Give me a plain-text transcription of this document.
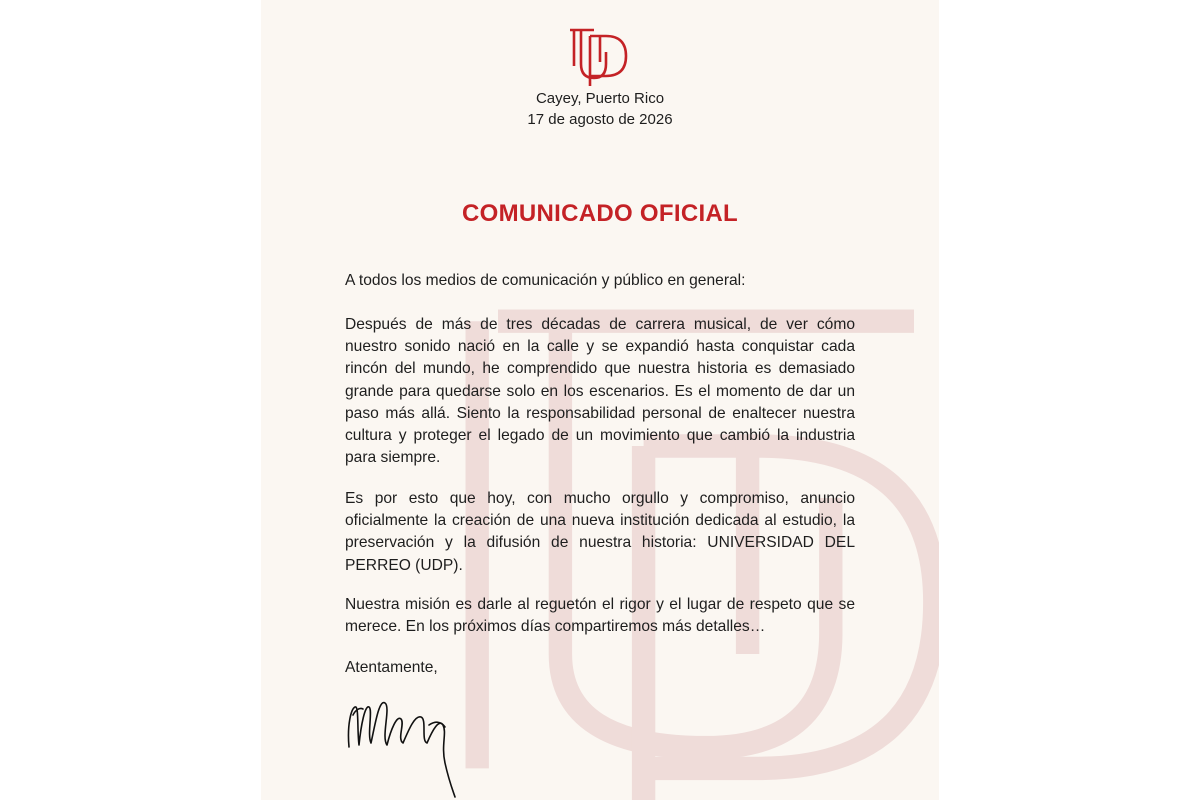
Cayey, Puerto Rico
17 de agosto de 2026
COMUNICADO OFICIAL

A todos los medios de comunicación y público en general:

Después de más de tres décadas de carrera musical, de ver cómo nuestro sonido nació en la calle y se expandió hasta conquistar cada rincón del mundo, he comprendido que nuestra historia es demasiado grande para quedarse solo en los escenarios. Es el momento de dar un paso más allá. Siento la responsabilidad personal de enaltecer nuestra cultura y proteger el legado de un movimiento que cambió la industria para siempre.

Es por esto que hoy, con mucho orgullo y compromiso, anuncio oficialmente la creación de una nueva institución dedicada al estudio, la preservación y la difusión de nuestra historia: UNIVERSIDAD DEL PERREO (UDP).

Nuestra misión es darle al reguetón el rigor y el lugar de respeto que se merece. En los próximos días compartiremos más detalles…

Atentamente,
